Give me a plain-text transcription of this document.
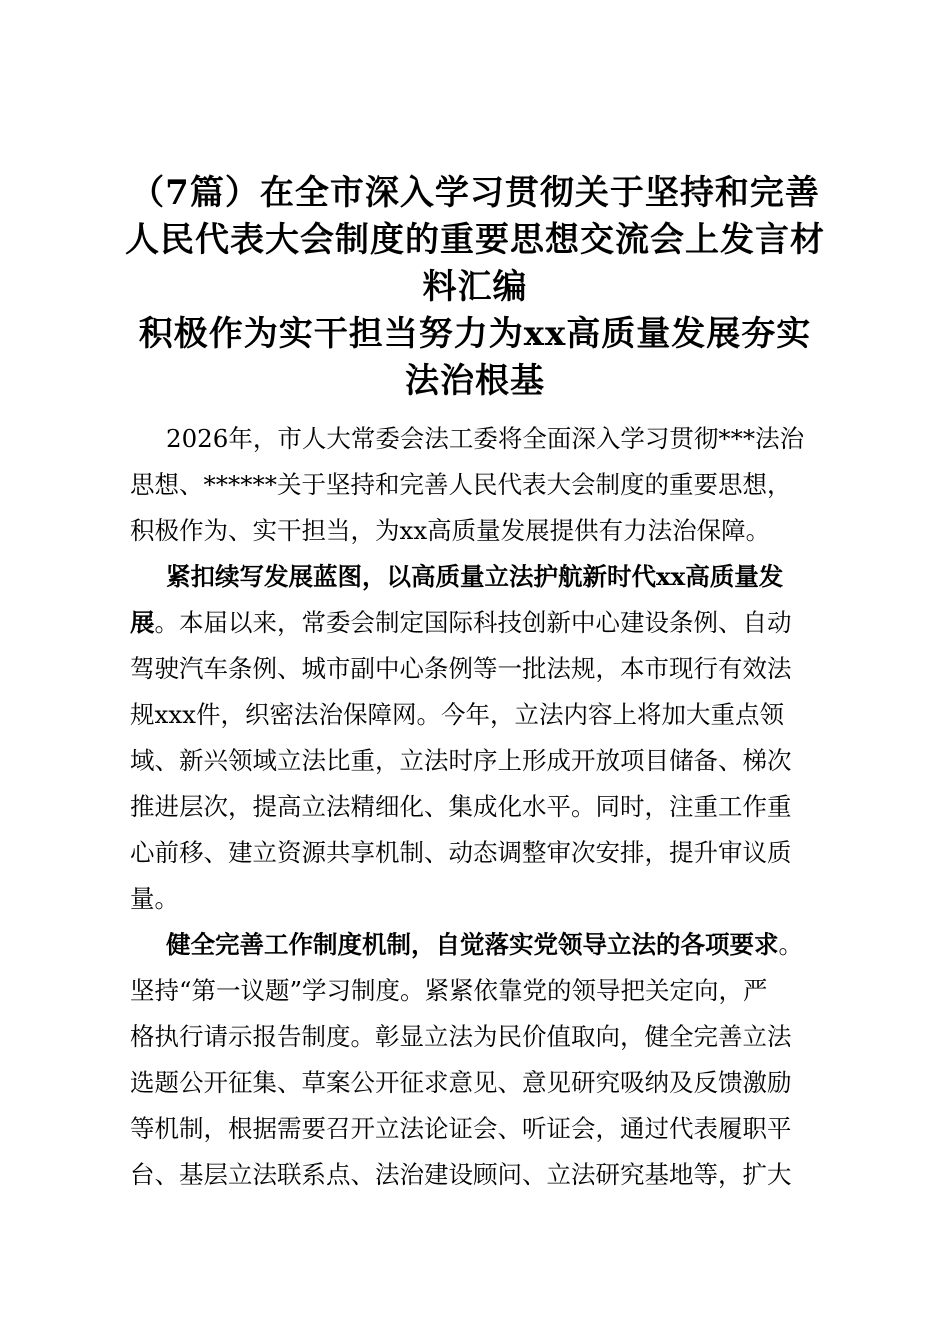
（7篇）在全市深入学习贯彻关于坚持和完善
人民代表大会制度的重要思想交流会上发言材
料汇编
积极作为实干担当努力为xx高质量发展夯实
法治根基
2026年，市人大常委会法工委将全面深入学习贯彻***法治
思想、******关于坚持和完善人民代表大会制度的重要思想，
积极作为、实干担当，为xx高质量发展提供有力法治保障。
紧扣续写发展蓝图，以高质量立法护航新时代xx高质量发
展。本届以来，常委会制定国际科技创新中心建设条例、自动
驾驶汽车条例、城市副中心条例等一批法规，本市现行有效法
规xxx件，织密法治保障网。今年，立法内容上将加大重点领
域、新兴领域立法比重，立法时序上形成开放项目储备、梯次
推进层次，提高立法精细化、集成化水平。同时，注重工作重
心前移、建立资源共享机制、动态调整审次安排，提升审议质
量。
健全完善工作制度机制，自觉落实党领导立法的各项要求。
坚持“第一议题”学习制度。紧紧依靠党的领导把关定向，严
格执行请示报告制度。彰显立法为民价值取向，健全完善立法
选题公开征集、草案公开征求意见、意见研究吸纳及反馈激励
等机制，根据需要召开立法论证会、听证会，通过代表履职平
台、基层立法联系点、法治建设顾问、立法研究基地等，扩大
